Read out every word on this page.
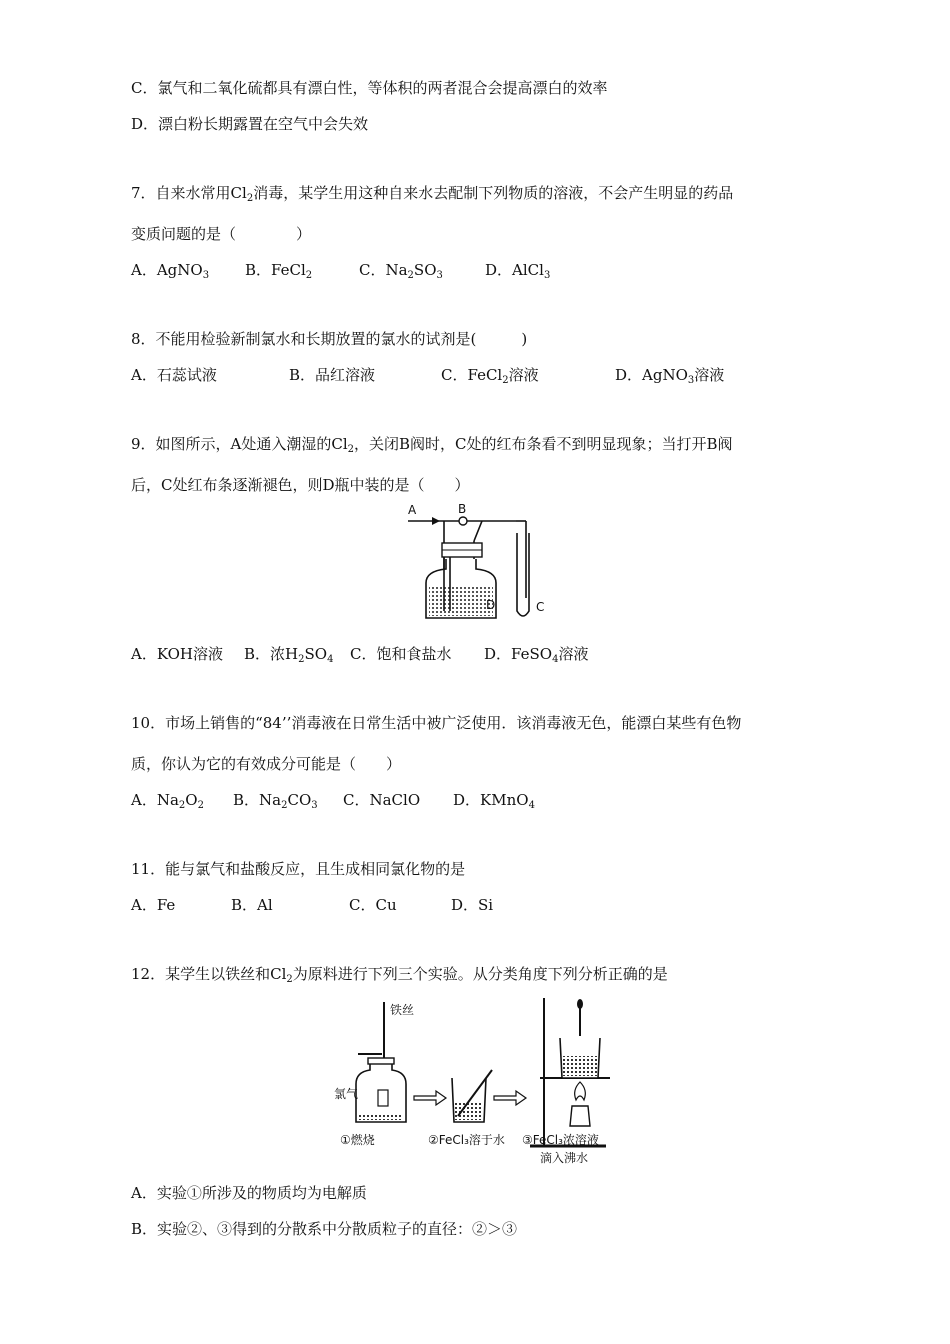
C．氯气和二氧化硫都具有漂白性，等体积的两者混合会提高漂白的效率
D．漂白粉长期露置在空气中会失效
7．自来水常用$Cl_2$消毒，某学生用这种自来水去配制下列物质的溶液，不会产生明显的药品
变质问题的是（　　　　）
A．AgNO$_3$ B．FeCl$_2$	C．$Na_2SO_3$	D．AlCl$_3$
8．不能用检验新制氯水和长期放置的氯水的试剂是(　　　)
A．石蕊试液	B．品红溶液	C．FeCl$_2$溶液	D．AgNO$_3$溶液
9．如图所示，A处通入潮湿的$Cl_2$，关闭B阀时，C处的红布条看不到明显现象；当打开B阀
后，C处红布条逐渐褪色，则D瓶中装的是（　　）
A	B
D	C
A．KOH溶液 B．浓$H_2SO_4$ C．饱和食盐水 D．FeSO$_4$溶液
10．市场上销售的“84’’消毒液在日常生活中被广泛使用．该消毒液无色，能漂白某些有色物
质，你认为它的有效成分可能是（　　）
A．$Na_2O_2$ B．$Na_2CO_3$ C．NaClO D．KMnO$_4$
11．能与氯气和盐酸反应，且生成相同氯化物的是
A．Fe	B．Al	C．Cu	D．Si
12．某学生以铁丝和$Cl_2$为原料进行下列三个实验。从分类角度下列分析正确的是
铁丝
氯气
①燃烧	②FeCl₃溶于水 ③FeCl₃浓溶液
滴入沸水
A．实验①所涉及的物质均为电解质
B．实验②、③得到的分散系中分散质粒子的直径：②＞③
